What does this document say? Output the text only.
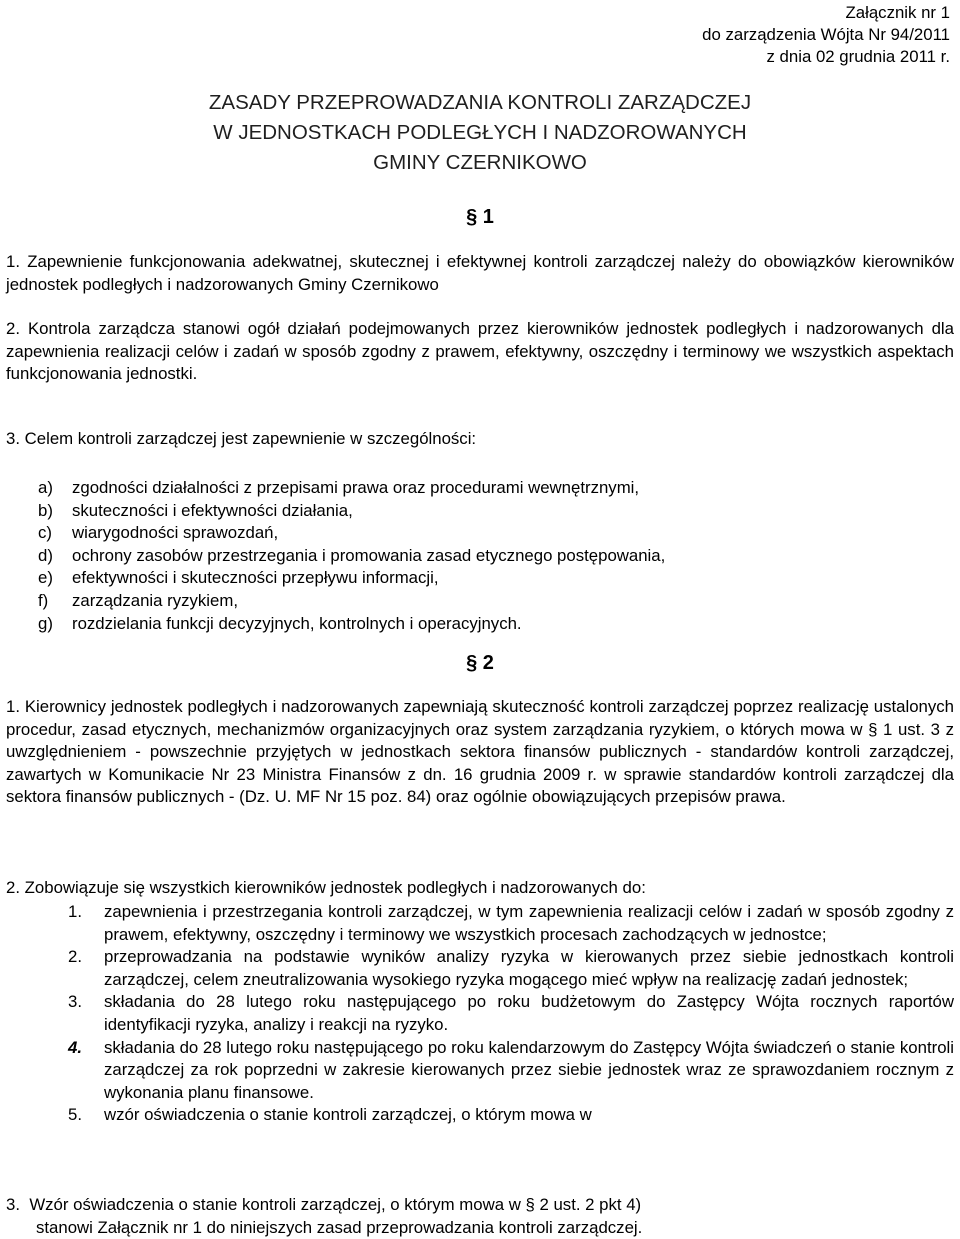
Załącznik nr 1
do zarządzenia Wójta Nr 94/2011
z dnia 02 grudnia 2011 r.
ZASADY PRZEPROWADZANIA KONTROLI ZARZĄDCZEJ
W JEDNOSTKACH PODLEGŁYCH I NADZOROWANYCH
GMINY CZERNIKOWO
§ 1
1. Zapewnienie funkcjonowania adekwatnej, skutecznej i efektywnej kontroli zarządczej należy do obowiązków kierowników jednostek podległych i nadzorowanych Gminy Czernikowo
2. Kontrola zarządcza stanowi ogół działań podejmowanych przez kierowników jednostek podległych i nadzorowanych dla zapewnienia realizacji celów i zadań w sposób zgodny z prawem, efektywny, oszczędny i terminowy we wszystkich aspektach funkcjonowania jednostki.
3. Celem kontroli zarządczej jest zapewnienie w szczególności:
a)	zgodności działalności z przepisami prawa oraz procedurami wewnętrznymi,
b)	skuteczności i efektywności działania,
c)	wiarygodności sprawozdań,
d)	ochrony zasobów przestrzegania i promowania zasad etycznego postępowania,
e)	efektywności i skuteczności przepływu informacji,
f)	zarządzania ryzykiem,
g)	rozdzielania funkcji decyzyjnych, kontrolnych i operacyjnych.
§ 2
1. Kierownicy jednostek podległych i nadzorowanych zapewniają skuteczność kontroli zarządczej poprzez realizację ustalonych procedur, zasad etycznych, mechanizmów organizacyjnych oraz system zarządzania ryzykiem, o których mowa w § 1 ust. 3 z uwzględnieniem - powszechnie przyjętych w jednostkach sektora finansów publicznych - standardów kontroli zarządczej, zawartych w Komunikacie Nr 23 Ministra Finansów z dn. 16 grudnia 2009 r. w sprawie standardów kontroli zarządczej dla sektora finansów publicznych - (Dz. U. MF Nr 15 poz. 84) oraz ogólnie obowiązujących przepisów prawa.
2. Zobowiązuje się wszystkich kierowników jednostek podległych i nadzorowanych do:
1.	zapewnienia i przestrzegania kontroli zarządczej, w tym zapewnienia realizacji celów i zadań w sposób zgodny z prawem, efektywny, oszczędny i terminowy we wszystkich procesach zachodzących w jednostce;
2.	przeprowadzania na podstawie wyników analizy ryzyka w kierowanych przez siebie jednostkach kontroli zarządczej, celem zneutralizowania wysokiego ryzyka mogącego mieć wpływ na realizację zadań jednostek;
3.	składania do 28 lutego roku następującego po roku budżetowym do Zastępcy Wójta rocznych raportów identyfikacji ryzyka, analizy i reakcji na ryzyko.
4.	składania do 28 lutego roku następującego po roku kalendarzowym do Zastępcy Wójta świadczeń o stanie kontroli zarządczej za rok poprzedni w zakresie kierowanych przez siebie jednostek wraz ze sprawozdaniem rocznym z wykonania planu finansowe.
5.	wzór oświadczenia o stanie kontroli zarządczej, o którym mowa w
3.  Wzór oświadczenia o stanie kontroli zarządczej, o którym mowa w § 2 ust. 2 pkt 4)
stanowi Załącznik nr 1 do niniejszych zasad przeprowadzania kontroli zarządczej.
